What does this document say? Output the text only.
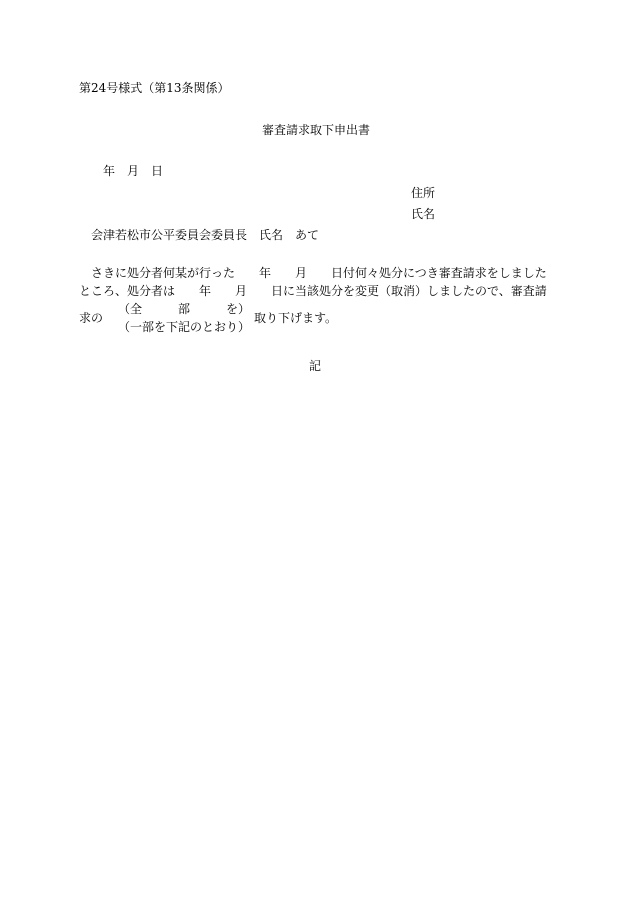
第24号様式（第13条関係）
審査請求取下申出書
年　月　日
住所
氏名
会津若松市公平委員会委員長　氏名　あて
さきに処分者何某が行った　　年　　月　　日付何々処分につき審査請求をしました
ところ、処分者は　　年　　月　　日に当該処分を変更（取消）しましたので、審査請
求の
（全　　　部　　　を）
（一部を下記のとおり）
取り下げます。
記
